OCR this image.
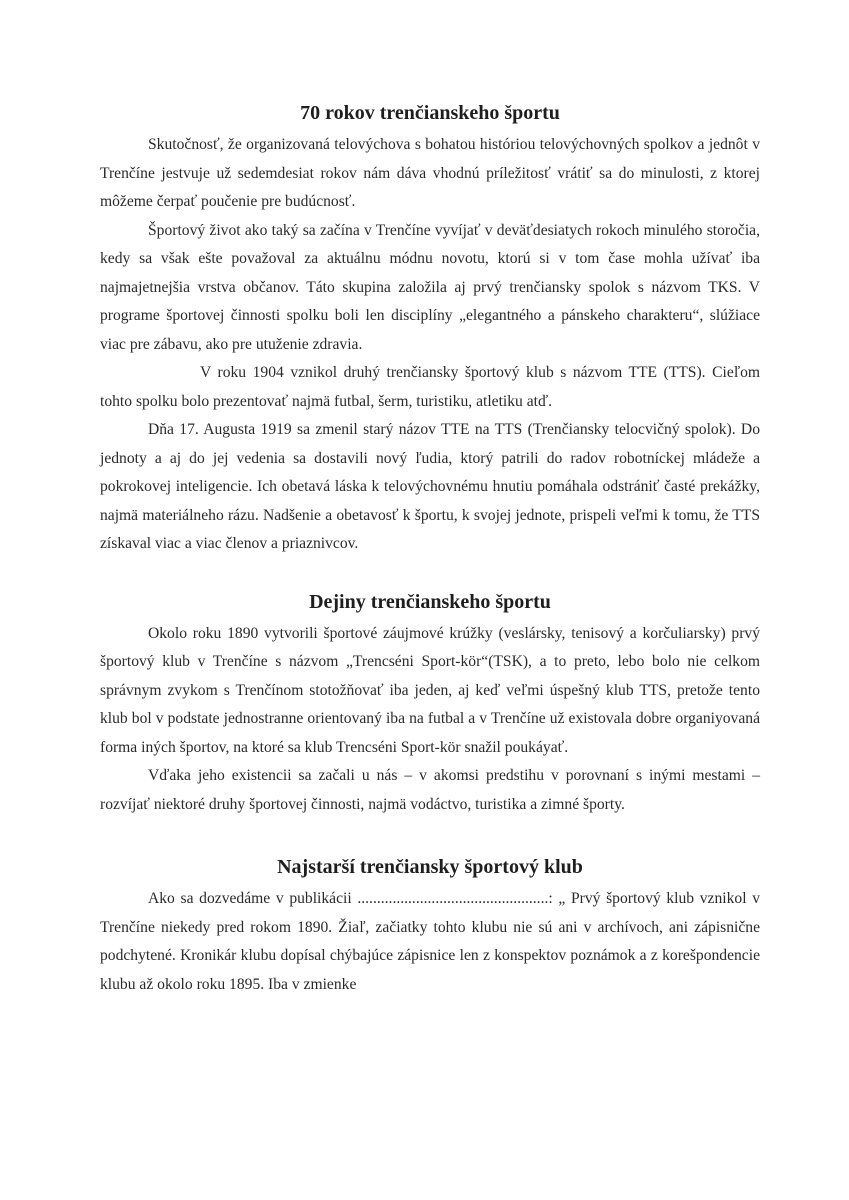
70 rokov trenčianskeho športu

Skutočnosť, že organizovaná telovýchova s bohatou históriou telovýchovných spolkov a jednôt v Trenčíne jestvuje už sedemdesiat rokov nám dáva vhodnú príležitosť vrátiť sa do minulosti, z ktorej môžeme čerpať poučenie pre budúcnosť.

Športový život ako taký sa začína v Trenčíne vyvíjať v deväťdesiatych rokoch minulého storočia, kedy sa však ešte považoval za aktuálnu módnu novotu, ktorú si v tom čase mohla užívať iba najmajetnejšia vrstva občanov. Táto skupina založila aj prvý trenčiansky spolok s názvom TKS. V programe športovej činnosti spolku boli len disciplíny „elegantného a pánskeho charakteru“, slúžiace viac pre zábavu, ako pre utuženie zdravia.

V roku 1904 vznikol druhý trenčiansky športový klub s názvom TTE (TTS). Cieľom tohto spolku bolo prezentovať najmä futbal, šerm, turistiku, atletiku atď.

Dňa 17. Augusta 1919 sa zmenil starý názov TTE na TTS (Trenčiansky telocvičný spolok). Do jednoty a aj do jej vedenia sa dostavili nový ľudia, ktorý patrili do radov robotníckej mládeže a pokrokovej inteligencie. Ich obetavá láska k telovýchovnému hnutiu pomáhala odstrániť časté prekážky, najmä materiálneho rázu. Nadšenie a obetavosť k športu, k svojej jednote, prispeli veľmi k tomu, že TTS získaval viac a viac členov a priaznivcov.

Dejiny trenčianskeho športu

Okolo roku 1890 vytvorili športové záujmové krúžky (veslársky, tenisový a korčuliarsky) prvý športový klub v Trenčíne s názvom „Trencséni Sport-kör“(TSK), a to preto, lebo bolo nie celkom správnym zvykom s Trenčínom stotožňovať iba jeden, aj keď veľmi úspešný klub TTS, pretože tento klub bol v podstate jednostranne orientovaný iba na futbal a v Trenčíne už existovala dobre organiyovaná forma iných športov, na ktoré sa klub Trencséni Sport-kör snažil poukáyať.

Vďaka jeho existencii sa začali u nás – v akomsi predstihu v porovnaní s inými mestami – rozvíjať niektoré druhy športovej činnosti, najmä vodáctvo, turistika a zimné športy.

Najstarší trenčiansky športový klub

Ako sa dozvedáme v publikácii .................................................: „ Prvý športový klub vznikol v Trenčíne niekedy pred rokom 1890. Žiaľ, začiatky tohto klubu nie sú ani v archívoch, ani zápisnične podchytené. Kronikár klubu dopísal chýbajúce zápisnice len z konspektov poznámok a z korešpondencie klubu až okolo roku 1895. Iba v zmienke
